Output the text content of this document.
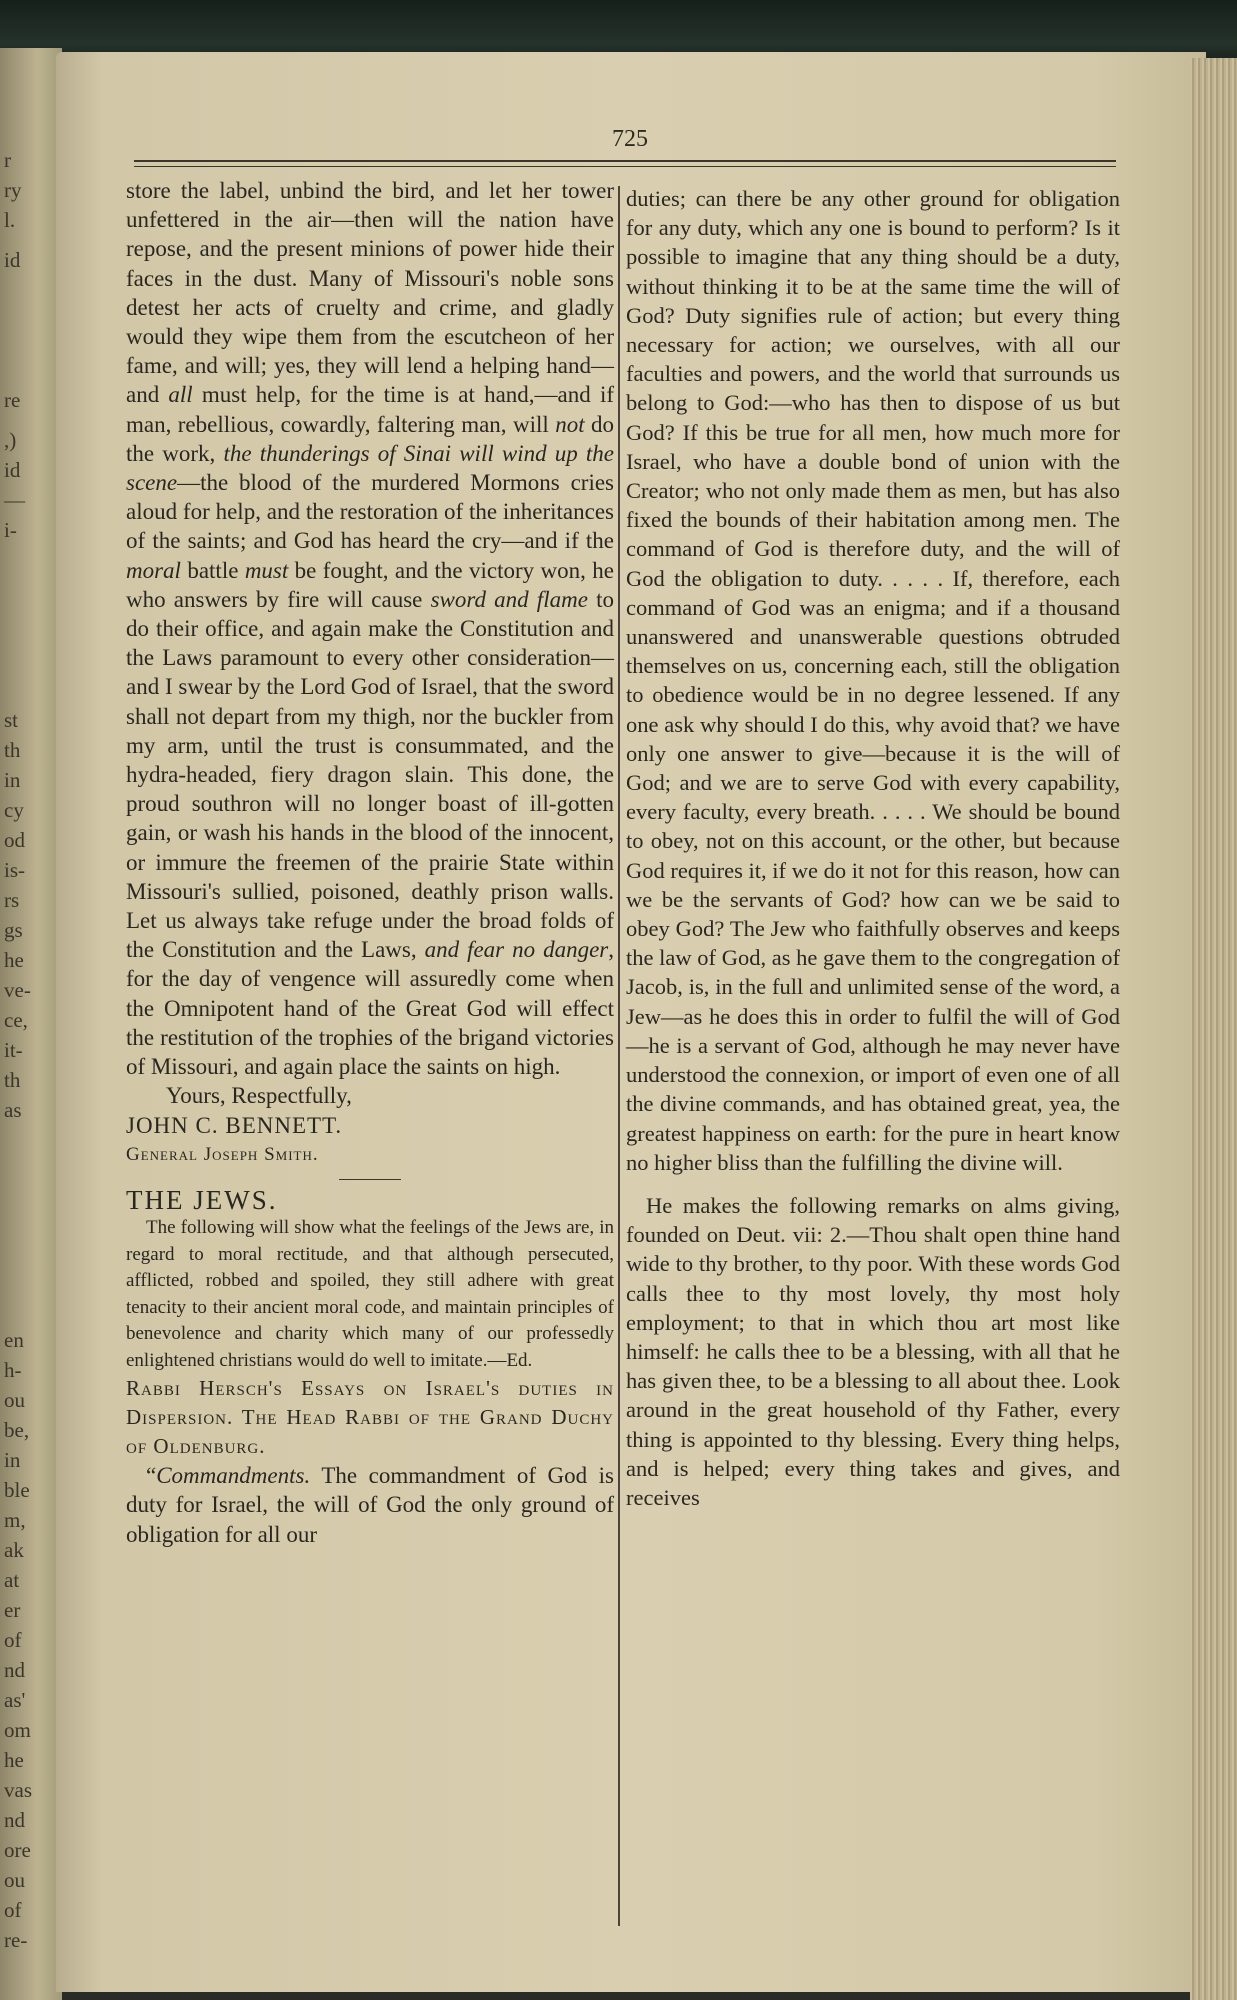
r
ry
l.
id
re
,)
id
—
i-
st
th
in
cy
od
is-
rs
gs
he
ve-
ce,
it-
th
as
en
h-
ou
be,
in
ble
m,
ak
at
er
of
nd
as'
om
he
vas
nd
ore
ou
of
re-
725

store the label, unbind the bird, and let her tower unfettered in the air—then will the nation have repose, and the present minions of power hide their faces in the dust. Many of Missouri's noble sons detest her acts of cruelty and crime, and gladly would they wipe them from the escutcheon of her fame, and will; yes, they will lend a helping hand—and all must help, for the time is at hand,—and if man, rebellious, cowardly, faltering man, will not do the work, the thunderings of Sinai will wind up the scene—the blood of the murdered Mormons cries aloud for help, and the restoration of the inheritances of the saints; and God has heard the cry—and if the moral battle must be fought, and the victory won, he who answers by fire will cause sword and flame to do their office, and again make the Constitution and the Laws paramount to every other consideration—and I swear by the Lord God of Israel, that the sword shall not depart from my thigh, nor the buckler from my arm, until the trust is consummated, and the hydra-headed, fiery dragon slain. This done, the proud southron will no longer boast of ill-gotten gain, or wash his hands in the blood of the innocent, or immure the freemen of the prairie State within Missouri's sullied, poisoned, deathly prison walls. Let us always take refuge under the broad folds of the Constitution and the Laws, and fear no danger, for the day of vengence will assuredly come when the Omnipotent hand of the Great God will effect the restitution of the trophies of the brigand victories of Missouri, and again place the saints on high.

Yours, Respectfully,

JOHN C. BENNETT.

General Joseph Smith.

THE JEWS.

The following will show what the feelings of the Jews are, in regard to moral rectitude, and that although persecuted, afflicted, robbed and spoiled, they still adhere with great tenacity to their ancient moral code, and maintain principles of benevolence and charity which many of our professedly enlightened christians would do well to imitate.—Ed.

Rabbi Hersch's Essays on Israel's duties in Dispersion. The Head Rabbi of the Grand Duchy of Oldenburg.

“Commandments. The commandment of God is duty for Israel, the will of God the only ground of obligation for all our

duties; can there be any other ground for obligation for any duty, which any one is bound to perform? Is it possible to imagine that any thing should be a duty, without thinking it to be at the same time the will of God? Duty signifies rule of action; but every thing necessary for action; we ourselves, with all our faculties and powers, and the world that surrounds us belong to God:—who has then to dispose of us but God? If this be true for all men, how much more for Israel, who have a double bond of union with the Creator; who not only made them as men, but has also fixed the bounds of their habitation among men. The command of God is therefore duty, and the will of God the obligation to duty. . . . . If, therefore, each command of God was an enigma; and if a thousand unanswered and unanswerable questions obtruded themselves on us, concerning each, still the obligation to obedience would be in no degree lessened. If any one ask why should I do this, why avoid that? we have only one answer to give—because it is the will of God; and we are to serve God with every capability, every faculty, every breath. . . . . We should be bound to obey, not on this account, or the other, but because God requires it, if we do it not for this reason, how can we be the servants of God? how can we be said to obey God? The Jew who faithfully observes and keeps the law of God, as he gave them to the congregation of Jacob, is, in the full and unlimited sense of the word, a Jew—as he does this in order to fulfil the will of God—he is a servant of God, although he may never have understood the connexion, or import of even one of all the divine commands, and has obtained great, yea, the greatest happiness on earth: for the pure in heart know no higher bliss than the fulfilling the divine will.

He makes the following remarks on alms giving, founded on Deut. vii: 2.—Thou shalt open thine hand wide to thy brother, to thy poor. With these words God calls thee to thy most lovely, thy most holy employment; to that in which thou art most like himself: he calls thee to be a blessing, with all that he has given thee, to be a blessing to all about thee. Look around in the great household of thy Father, every thing is appointed to thy blessing. Every thing helps, and is helped; every thing takes and gives, and receives
